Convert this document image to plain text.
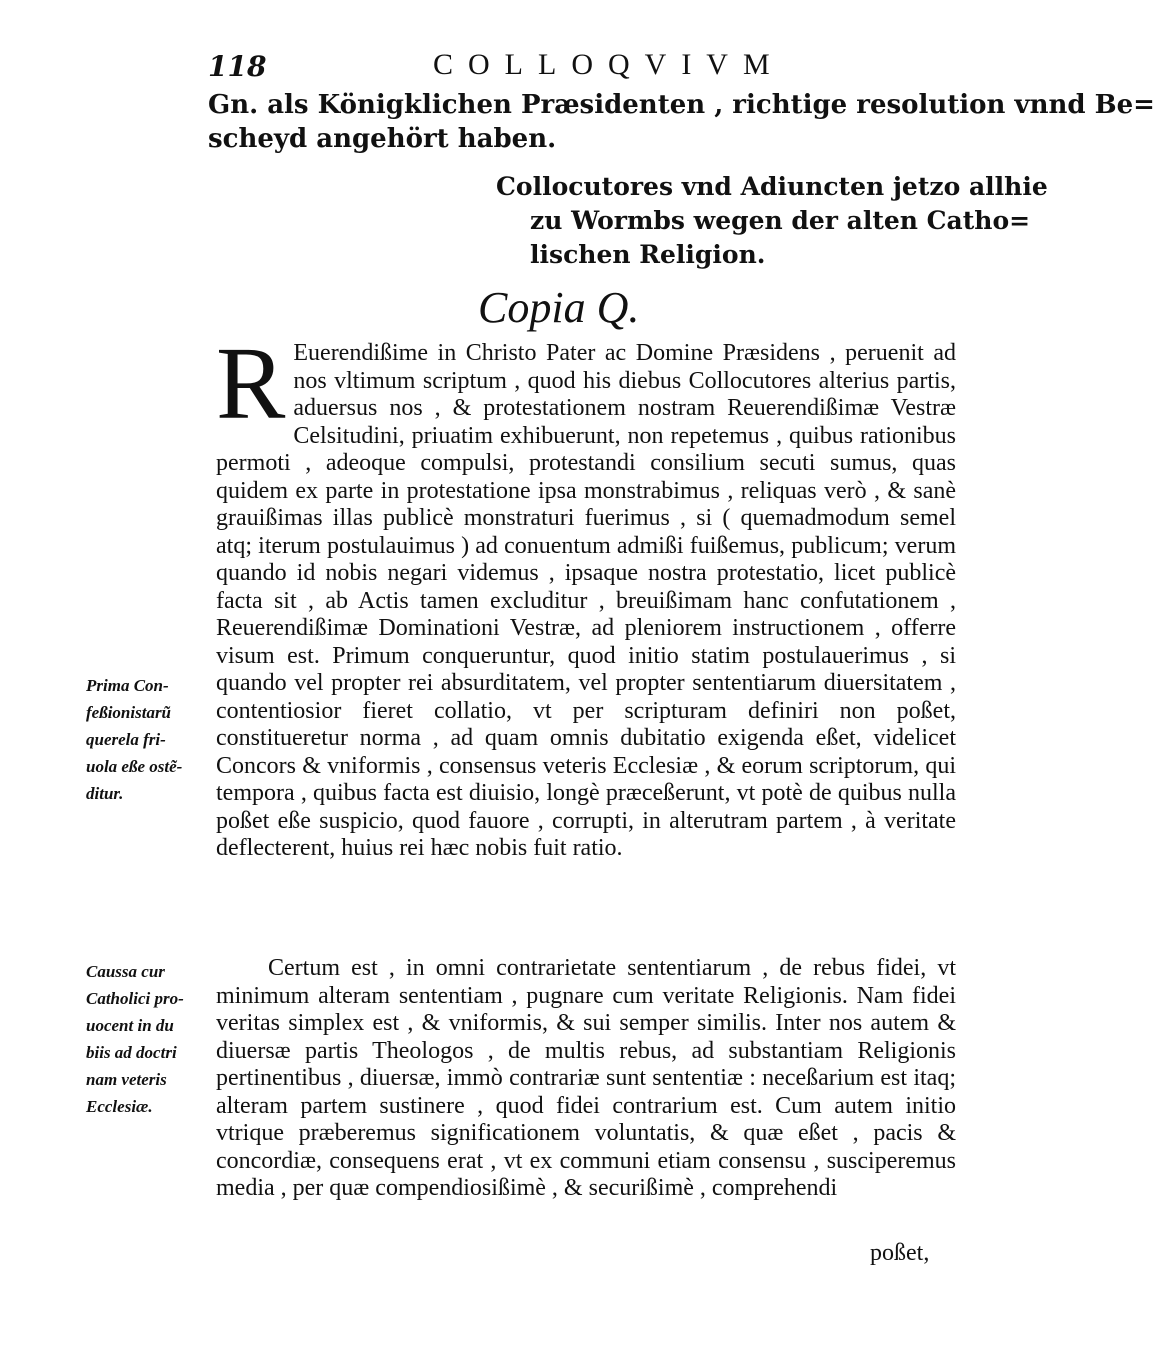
118	COLLOQVIVM
Gn. als Königklichen Præsidenten , richtige resolution vnnd Be=
scheyd angehört haben.
Collocutores vnd Adiuncten jetzo allhie
zu Wormbs wegen der alten Catho=
lischen Religion.
Copia Q.
Prima Con-
feßionistarũ
querela fri-
uola eße ostẽ-
ditur.
Caussa cur
Catholici pro-
uocent in du
biis ad doctri
nam veteris
Ecclesiæ.
R Euerendißime in Christo Pater ac Domine Præsidens , peruenit ad nos vltimum scriptum , quod his diebus Collocutores alterius partis, aduersus nos , & protestationem nostram Reuerendißimæ Vestræ Celsitudini, priuatim exhibuerunt, non repetemus , quibus rationibus permoti , adeoque compulsi, protestandi consilium secuti sumus, quas quidem ex parte in protestatione ipsa monstrabimus , reliquas verò , & sanè grauißimas illas publicè monstraturi fuerimus , si ( quemadmodum semel atq; iterum postulauimus ) ad conuentum admißi fuißemus, publicum; verum quando id nobis negari videmus , ipsaque nostra protestatio, licet publicè facta sit , ab Actis tamen excluditur , breuißimam hanc confutationem , Reuerendißimæ Dominationi Vestræ, ad pleniorem instructionem , offerre visum est. Primum conqueruntur, quod initio statim postulauerimus , si quando vel propter rei absurditatem, vel propter sententiarum diuersitatem , contentiosior fieret collatio, vt per scripturam definiri non poßet, constitueretur norma , ad quam omnis dubitatio exigenda eßet, videlicet Concors & vniformis , consensus veteris Ecclesiæ , & eorum scriptorum, qui tempora , quibus facta est diuisio, longè præceßerunt, vt potè de quibus nulla poßet eße suspicio, quod fauore , corrupti, in alterutram partem , à veritate deflecterent, huius rei hæc nobis fuit ratio.
Certum est , in omni contrarietate sententiarum , de rebus fidei, vt minimum alteram sententiam , pugnare cum veritate Religionis. Nam fidei veritas simplex est , & vniformis, & sui semper similis. Inter nos autem & diuersæ partis Theologos , de multis rebus, ad substantiam Religionis pertinentibus , diuersæ, immò contrariæ sunt sententiæ : neceßarium est itaq; alteram partem sustinere , quod fidei contrarium est. Cum autem initio vtrique præberemus significationem voluntatis, & quæ eßet , pacis & concordiæ, consequens erat , vt ex communi etiam consensu , susciperemus media , per quæ compendiosißimè , & securißimè , comprehendi
poßet,
